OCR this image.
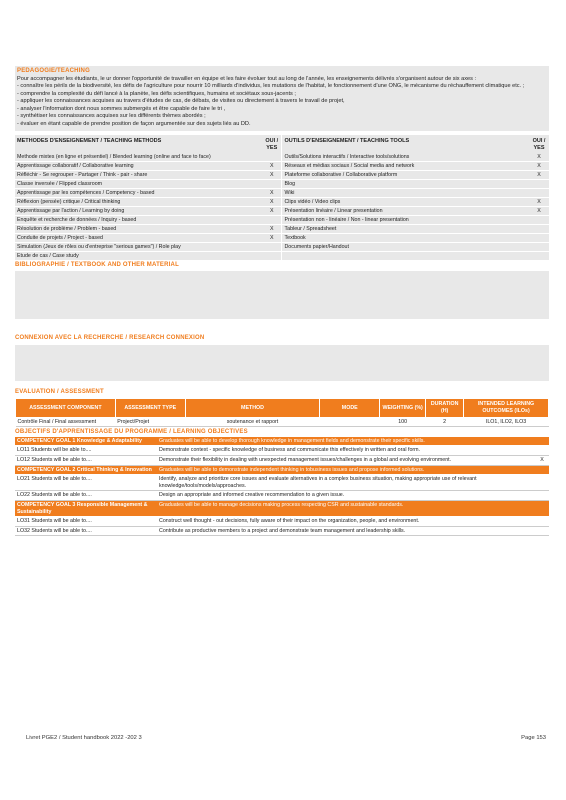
PEDAGOGIE/TEACHING
Pour accompagner les étudiants, le ur donner l'opportunité de travailler en équipe et les faire évoluer tout au long de l'année, les enseignements délivrés s'organisent autour de six axes :
- connaître les périls de la biodiversité, les défis de l'agriculture pour nourrir 10 milliards d'individus, les mutations de l'habitat, le fonctionnement d'une ONG, le mécanisme du réchauffement climatique etc. ;
- comprendre la complexité du défi lancé à la planète, les défis scientifiques, humains et sociétaux sous-jacents ;
- appliquer les connaissances acquises au travers d'études de cas, de débats, de visites ou directement à travers le travail de projet,
- analyser l'information dont nous sommes submergés et être capable de faire le tri ,
- synthétiser les connaissances acquises sur les différents thèmes abordés ;
- évaluer en étant capable de prendre position de façon argumentée sur des sujets liés au DD.
METHODES D'ENSEIGNEMENT / TEACHING METHODS	OUI / YES	OUTILS D'ENSEIGNEMENT / TEACHING TOOLS	OUI / YES
Methode mixtes (en ligne et présentiel) / Blended learning (online and face to face)		Outils/Solutions interactifs / Interactive tools/solutions	X
Apprentissage collaboratif / Collaborative learning	X	Réseaux et médias sociaux / Social media and network	X
Réfléchir - Se regrouper - Partager / Think - pair - share	X	Plateforme collaborative / Collaborative platform	X
Classe inversée / Flipped classroom		Blog	
Apprentissage par les compétences / Competency - based	X	Wiki	
Réflexion (pensée) critique / Critical thinking	X	Clips vidéo / Video clips	X
Apprentissage par l'action / Learning by doing	X	Présentation linéaire / Linear presentation	X
Enquête et recherche de données / Inquiry - based		Présentation non - linéaire / Non - linear presentation	
Résolution de problème / Problem - based	X	Tableur / Spreadsheet	
Conduite de projets / Project - based	X	Textbook	
Simulation (Jeux de rôles ou d'entreprise "serious games") / Role play		Documents papier/Handout	
Etude de cas / Case study			
BIBLIOGRAPHIE / TEXTBOOK AND OTHER MATERIAL
CONNEXION AVEC LA RECHERCHE / RESEARCH CONNEXION
EVALUATION / ASSESSMENT
ASSESSMENT COMPONENT	ASSESSMENT TYPE	METHOD	MODE	WEIGHTING (%)	DURATION (H)	INTENDED LEARNING OUTCOMES (ILOs)
Contrôle Final / Final assessment	Project/Projet	soutenance et rapport		100	2	ILO1, ILO2, ILO3
OBJECTIFS D'APPRENTISSAGE DU PROGRAMME / LEARNING OBJECTIVES
COMPETENCY GOAL 1 Knowledge & Adaptability	Graduates will be able to develop thorough knowledge in management fields and demonstrate their specific skills.	
LO11 Students will be able to....	Demonstrate context - specific knowledge of business and communicate this effectively in written and oral form.	
LO12 Students will be able to....	Demonstrate their flexibility in dealing with unexpected management issues/challenges in a global and evolving environment.	X
COMPETENCY GOAL 2 Critical Thinking & Innovation	Graduates will be able to demonstrate independent thinking in tobusiness issues and propose informed solutions.	
LO21 Students will be able to....	Identify, analyze and prioritize core issues and evaluate alternatives in a complex business situation, making appropriate use of relevant knowledge/tools/models/approaches.	
LO22 Students will be able to....	Design an appropriate and informed creative recommendation to a given issue.	
COMPETENCY GOAL 3 Responsible Management & Sustainability	Graduates will be able to manage decisions making process respecting CSR and sustainable standards.	
LO31 Students will be able to....	Construct well thought - out decisions, fully aware of their impact on the organization, people, and environment.	
LO32 Students will be able to....	Contribute as productive members to a project and demonstrate team management and leadership skills.	
Livret PGE2 / Student handbook 2022 -202 3	Page 153
